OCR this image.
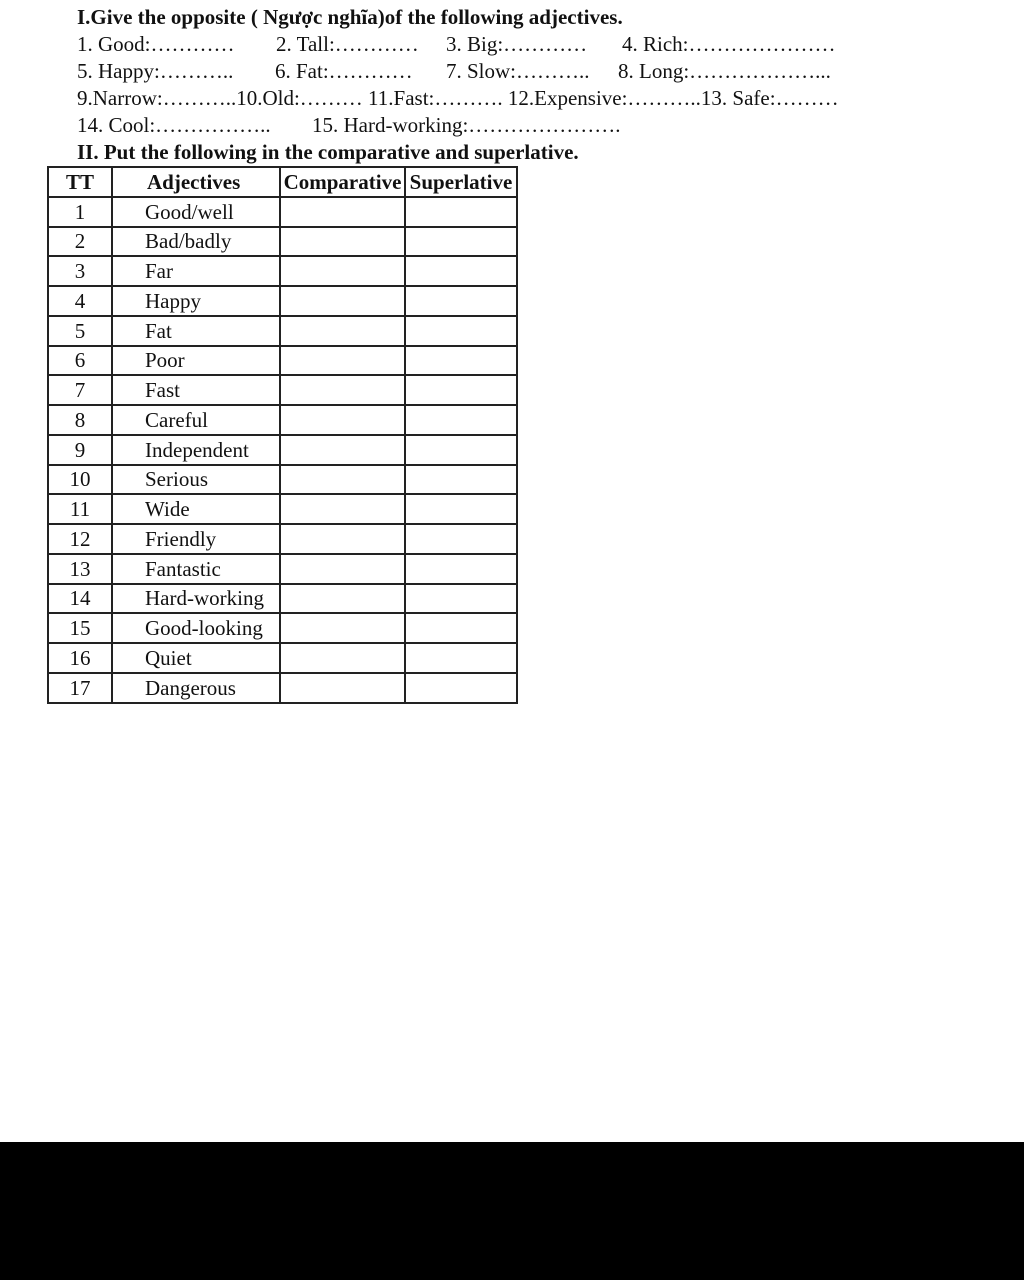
I.Give the opposite ( Ngược nghĩa)of the following adjectives.
1. Good:………… 2. Tall:………… 3. Big:………… 4. Rich:…………………
5. Happy:……….. 6. Fat:………… 7. Slow:……….. 8. Long:………………...
9.Narrow:………..10.Old:……… 11.Fast:………. 12.Expensive:………..13. Safe:………
14. Cool:…………….. 15. Hard-working:………………….
II. Put the following in the comparative and superlative.
TT	Adjectives	Comparative	Superlative
1	Good/well		
2	Bad/badly		
3	Far		
4	Happy		
5	Fat		
6	Poor		
7	Fast		
8	Careful		
9	Independent		
10	Serious		
11	Wide		
12	Friendly		
13	Fantastic		
14	Hard-working		
15	Good-looking		
16	Quiet		
17	Dangerous		
